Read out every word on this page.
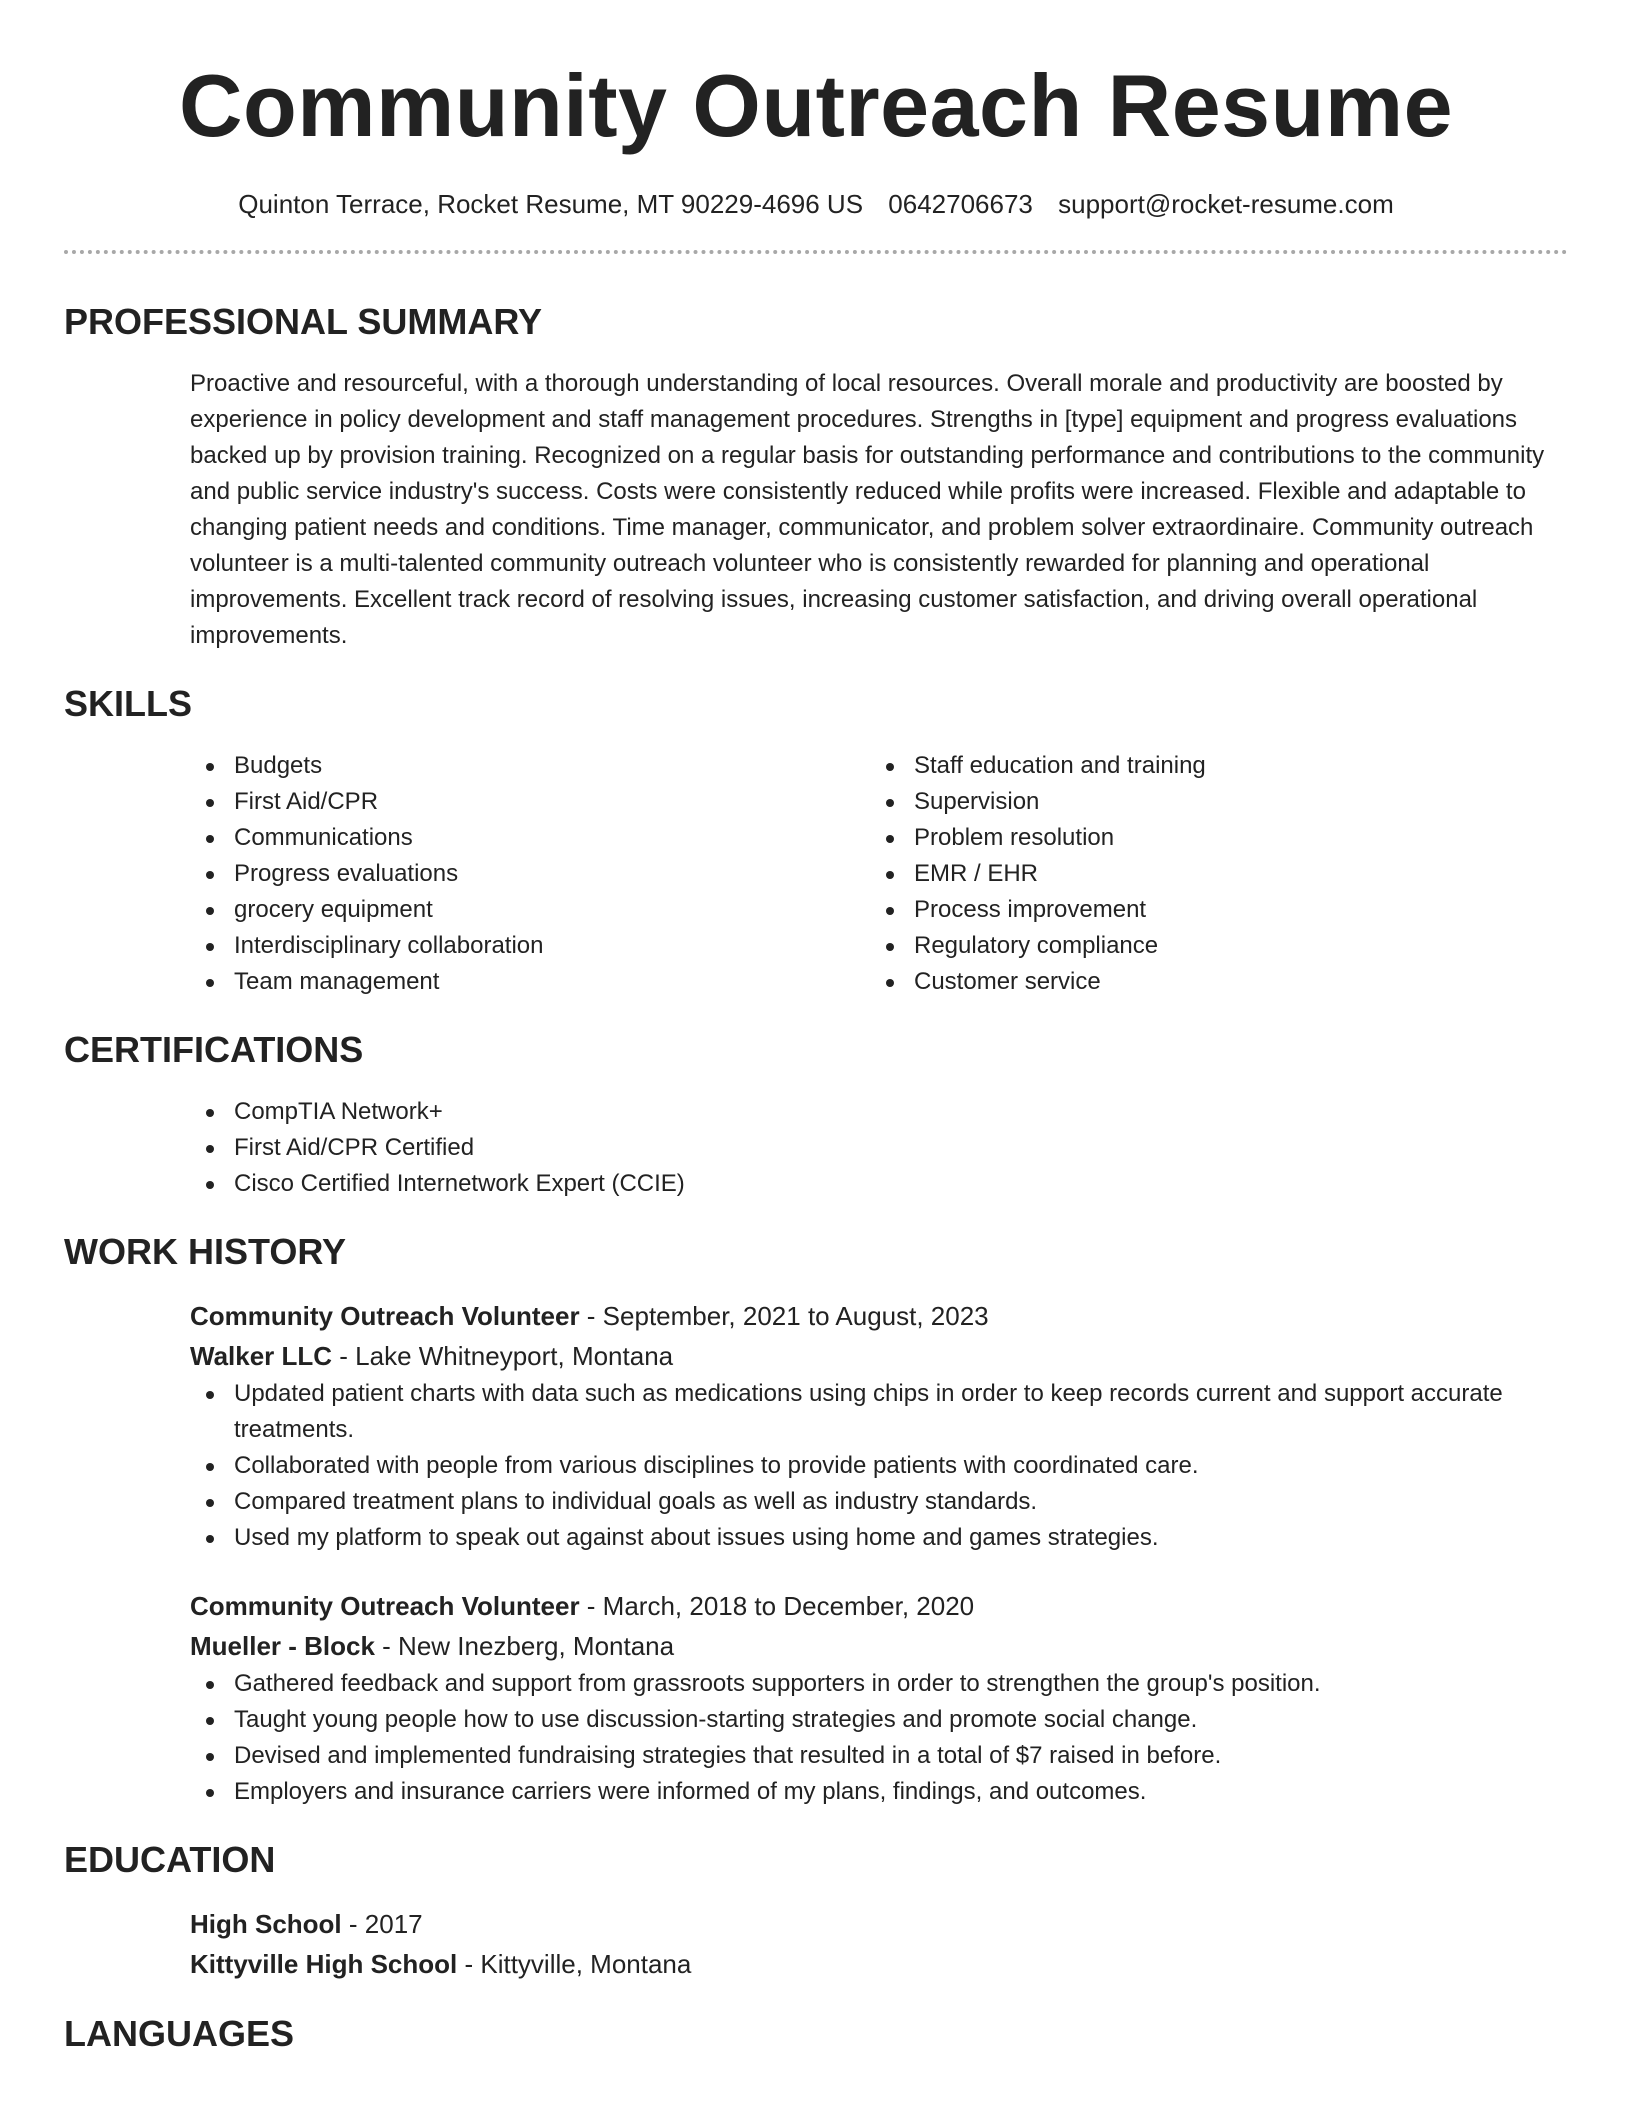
Community Outreach Resume
Quinton Terrace, Rocket Resume, MT 90229-4696 US 0642706673 support@rocket-resume.com
PROFESSIONAL SUMMARY
Proactive and resourceful, with a thorough understanding of local resources. Overall morale and productivity are boosted by experience in policy development and staff management procedures. Strengths in [type] equipment and progress evaluations backed up by provision training. Recognized on a regular basis for outstanding performance and contributions to the community and public service industry's success. Costs were consistently reduced while profits were increased. Flexible and adaptable to changing patient needs and conditions. Time manager, communicator, and problem solver extraordinaire. Community outreach volunteer is a multi-talented community outreach volunteer who is consistently rewarded for planning and operational improvements. Excellent track record of resolving issues, increasing customer satisfaction, and driving overall operational improvements.
SKILLS
Budgets
First Aid/CPR
Communications
Progress evaluations
grocery equipment
Interdisciplinary collaboration
Team management
Staff education and training
Supervision
Problem resolution
EMR / EHR
Process improvement
Regulatory compliance
Customer service
CERTIFICATIONS
CompTIA Network+
First Aid/CPR Certified
Cisco Certified Internetwork Expert (CCIE)
WORK HISTORY
Community Outreach Volunteer - September, 2021 to August, 2023
Walker LLC - Lake Whitneyport, Montana
Updated patient charts with data such as medications using chips in order to keep records current and support accurate treatments.
Collaborated with people from various disciplines to provide patients with coordinated care.
Compared treatment plans to individual goals as well as industry standards.
Used my platform to speak out against about issues using home and games strategies.
Community Outreach Volunteer - March, 2018 to December, 2020
Mueller - Block - New Inezberg, Montana
Gathered feedback and support from grassroots supporters in order to strengthen the group's position.
Taught young people how to use discussion-starting strategies and promote social change.
Devised and implemented fundraising strategies that resulted in a total of $7 raised in before.
Employers and insurance carriers were informed of my plans, findings, and outcomes.
EDUCATION
High School - 2017
Kittyville High School - Kittyville, Montana
LANGUAGES
